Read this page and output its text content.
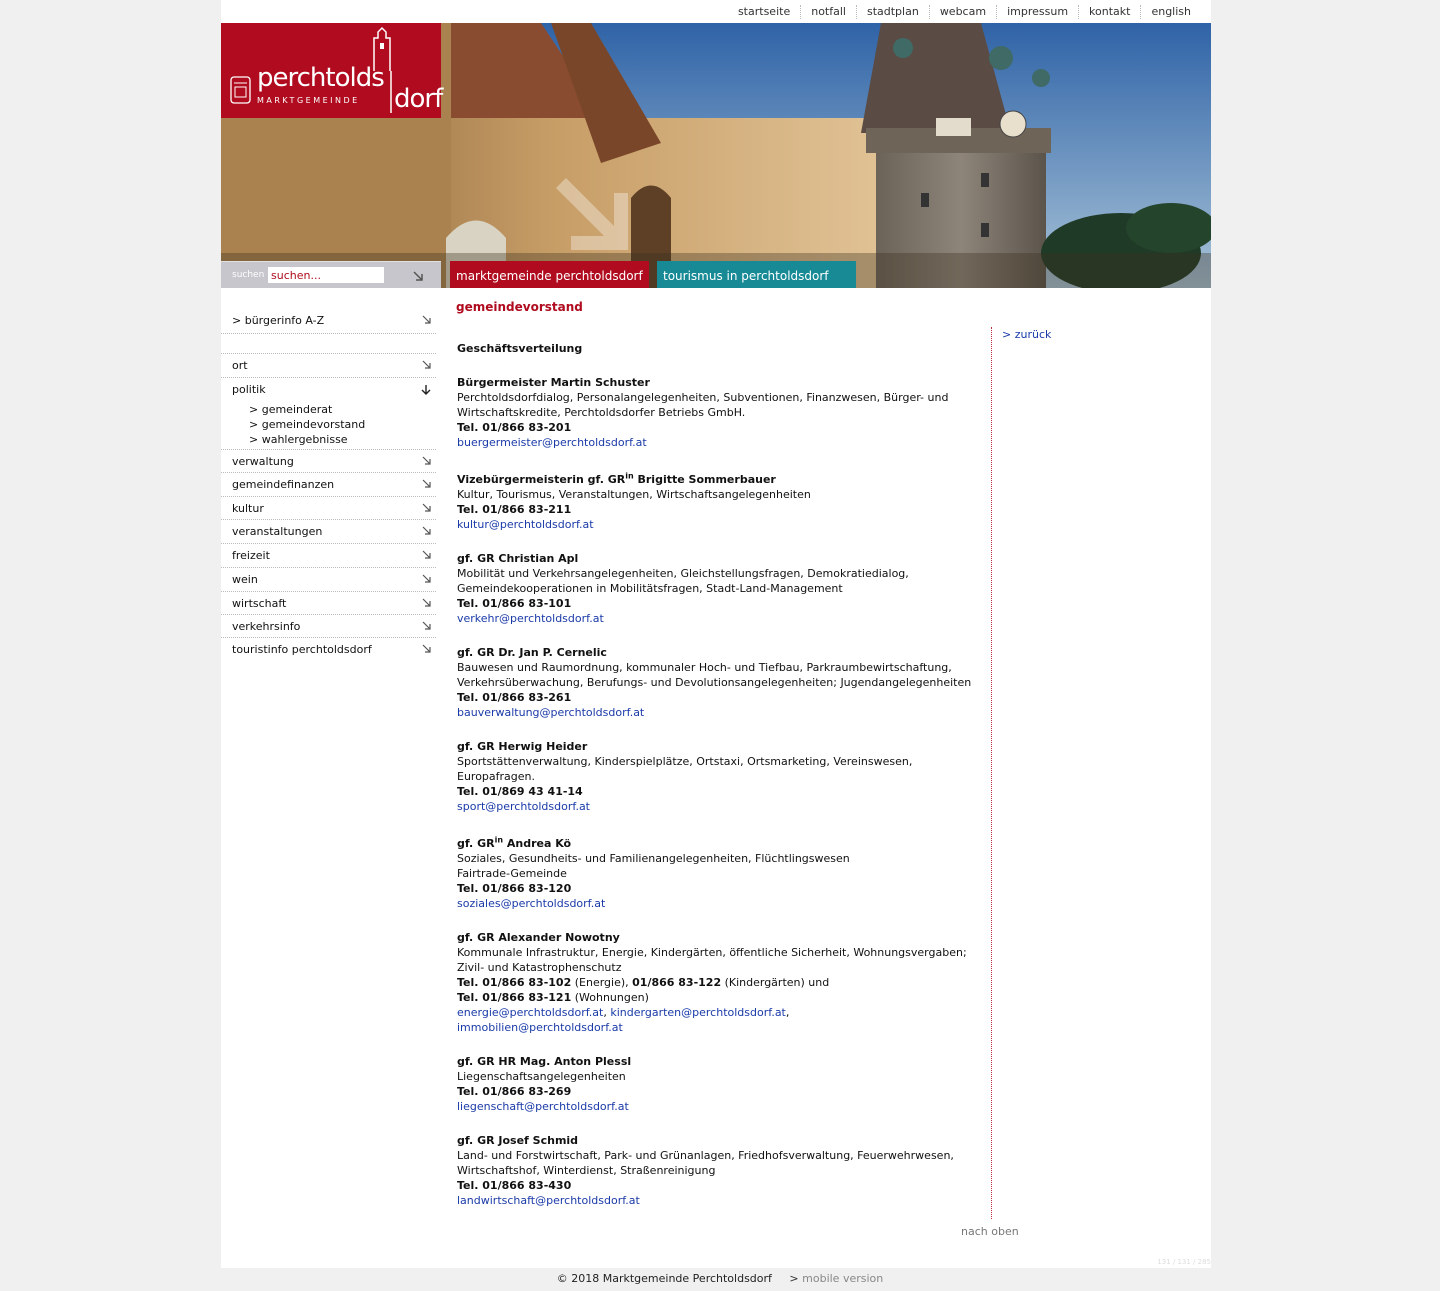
startseite	notfall	stadtplan	webcam	impressum	kontakt	english
perchtolds
dorf
MARKTGEMEINDE
suchen
suchen...	marktgemeinde perchtoldsdorf	tourismus in perchtoldsdorf
> bürgerinfo A-Z
ort
politik
> gemeinderat
> gemeindevorstand
> wahlergebnisse
verwaltung
gemeindefinanzen
kultur
veranstaltungen
freizeit
wein
wirtschaft
verkehrsinfo
touristinfo perchtoldsdorf
gemeindevorstand
Geschäftsverteilung
Bürgermeister Martin Schuster
Perchtoldsdorfdialog, Personalangelegenheiten, Subventionen, Finanzwesen, Bürger- und
Wirtschaftskredite, Perchtoldsdorfer Betriebs GmbH.
Tel. 01/866 83-201
buergermeister@perchtoldsdorf.at
Vizebürgermeisterin gf. $GR^{in}$ Brigitte Sommerbauer
Kultur, Tourismus, Veranstaltungen, Wirtschaftsangelegenheiten
Tel. 01/866 83-211
kultur@perchtoldsdorf.at
gf. GR Christian Apl
Mobilität und Verkehrsangelegenheiten, Gleichstellungsfragen, Demokratiedialog,
Gemeindekooperationen in Mobilitätsfragen, Stadt-Land-Management
Tel. 01/866 83-101
verkehr@perchtoldsdorf.at
gf. GR Dr. Jan P. Cernelic
Bauwesen und Raumordnung, kommunaler Hoch- und Tiefbau, Parkraumbewirtschaftung,
Verkehrsüberwachung, Berufungs- und Devolutionsangelegenheiten; Jugendangelegenheiten
Tel. 01/866 83-261
bauverwaltung@perchtoldsdorf.at
gf. GR Herwig Heider
Sportstättenverwaltung, Kinderspielplätze, Ortstaxi, Ortsmarketing, Vereinswesen,
Europafragen.
Tel. 01/869 43 41-14
sport@perchtoldsdorf.at
gf. $GR^{in}$ Andrea Kö
Soziales, Gesundheits- und Familienangelegenheiten, Flüchtlingswesen
Fairtrade-Gemeinde
Tel. 01/866 83-120
soziales@perchtoldsdorf.at
gf. GR Alexander Nowotny
Kommunale Infrastruktur, Energie, Kindergärten, öffentliche Sicherheit, Wohnungsvergaben;
Zivil- und Katastrophenschutz
Tel. 01/866 83-102 (Energie), 01/866 83-122 (Kindergärten) und
Tel. 01/866 83-121 (Wohnungen)
energie@perchtoldsdorf.at, kindergarten@perchtoldsdorf.at,
immobilien@perchtoldsdorf.at
gf. GR HR Mag. Anton Plessl
Liegenschaftsangelegenheiten
Tel. 01/866 83-269
liegenschaft@perchtoldsdorf.at
gf. GR Josef Schmid
Land- und Forstwirtschaft, Park- und Grünanlagen, Friedhofsverwaltung, Feuerwehrwesen,
Wirtschaftshof, Winterdienst, Straßenreinigung
Tel. 01/866 83-430
landwirtschaft@perchtoldsdorf.at
> zurück
nach oben
131 / 131 / 285
© 2018 Marktgemeinde Perchtoldsdorf > mobile version
